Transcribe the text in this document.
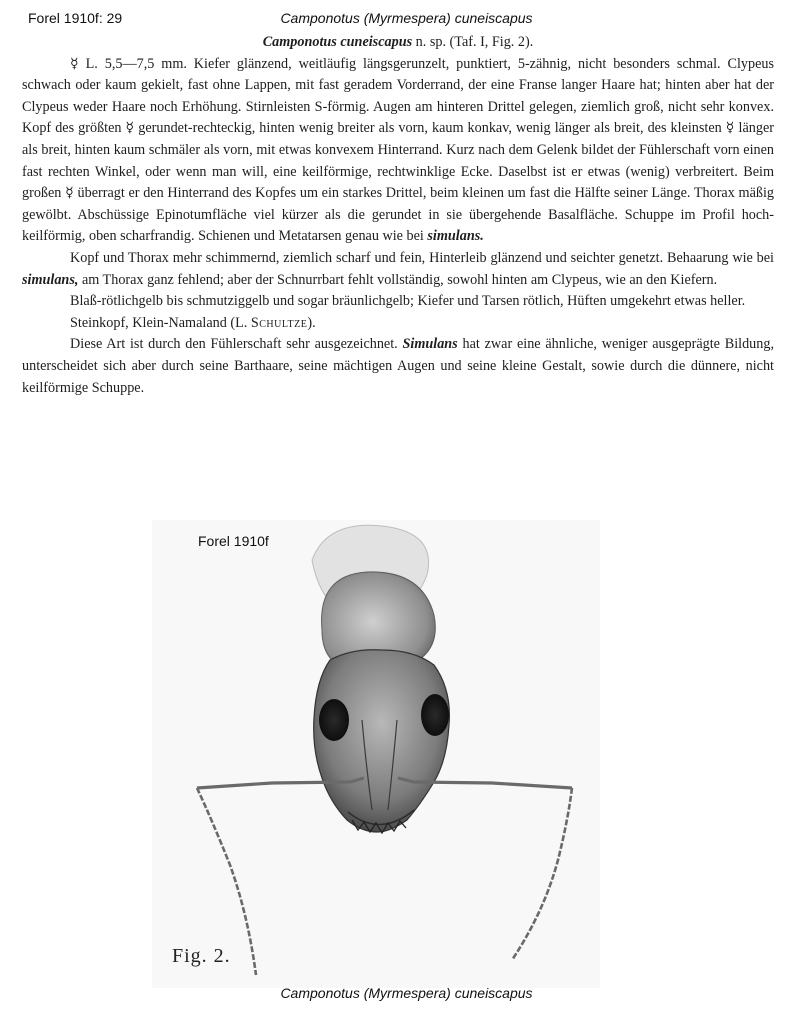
Forel 1910f: 29	Camponotus (Myrmespera) cuneiscapus

Camponotus cuneiscapus n. sp. (Taf. I, Fig. 2).

☿ L. 5,5—7,5 mm. Kiefer glänzend, weitläufig längsgerunzelt, punktiert, 5-zähnig, nicht besonders schmal. Clypeus schwach oder kaum gekielt, fast ohne Lappen, mit fast geradem Vorderrand, der eine Franse langer Haare hat; hinten aber hat der Clypeus weder Haare noch Erhöhung. Stirnleisten S-förmig. Augen am hinteren Drittel gelegen, ziemlich groß, nicht sehr konvex. Kopf des größten ☿ gerundet-rechteckig, hinten wenig breiter als vorn, kaum konkav, wenig länger als breit, des kleinsten ☿ länger als breit, hinten kaum schmäler als vorn, mit etwas konvexem Hinterrand. Kurz nach dem Gelenk bildet der Fühlerschaft vorn einen fast rechten Winkel, oder wenn man will, eine keilförmige, rechtwinklige Ecke. Daselbst ist er etwas (wenig) verbreitert. Beim großen ☿ überragt er den Hinterrand des Kopfes um ein starkes Drittel, beim kleinen um fast die Hälfte seiner Länge. Thorax mäßig gewölbt. Abschüssige Epinotumfläche viel kürzer als die gerundet in sie übergehende Basalfläche. Schuppe im Profil hoch-keilförmig, oben scharfrandig. Schienen und Metatarsen genau wie bei simulans.

Kopf und Thorax mehr schimmernd, ziemlich scharf und fein, Hinterleib glänzend und seichter genetzt. Behaarung wie bei simulans, am Thorax ganz fehlend; aber der Schnurrbart fehlt vollständig, sowohl hinten am Clypeus, wie an den Kiefern.

Blaß-rötlichgelb bis schmutziggelb und sogar bräunlichgelb; Kiefer und Tarsen rötlich, Hüften umgekehrt etwas heller.

Steinkopf, Klein-Namaland (L. Schultze).

Diese Art ist durch den Fühlerschaft sehr ausgezeichnet. Simulans hat zwar eine ähnliche, weniger ausgeprägte Bildung, unterscheidet sich aber durch seine Barthaare, seine mächtigen Augen und seine kleine Gestalt, sowie durch die dünnere, nicht keilförmige Schuppe.

Forel 1910f
Fig. 2.
Camponotus (Myrmespera) cuneiscapus
